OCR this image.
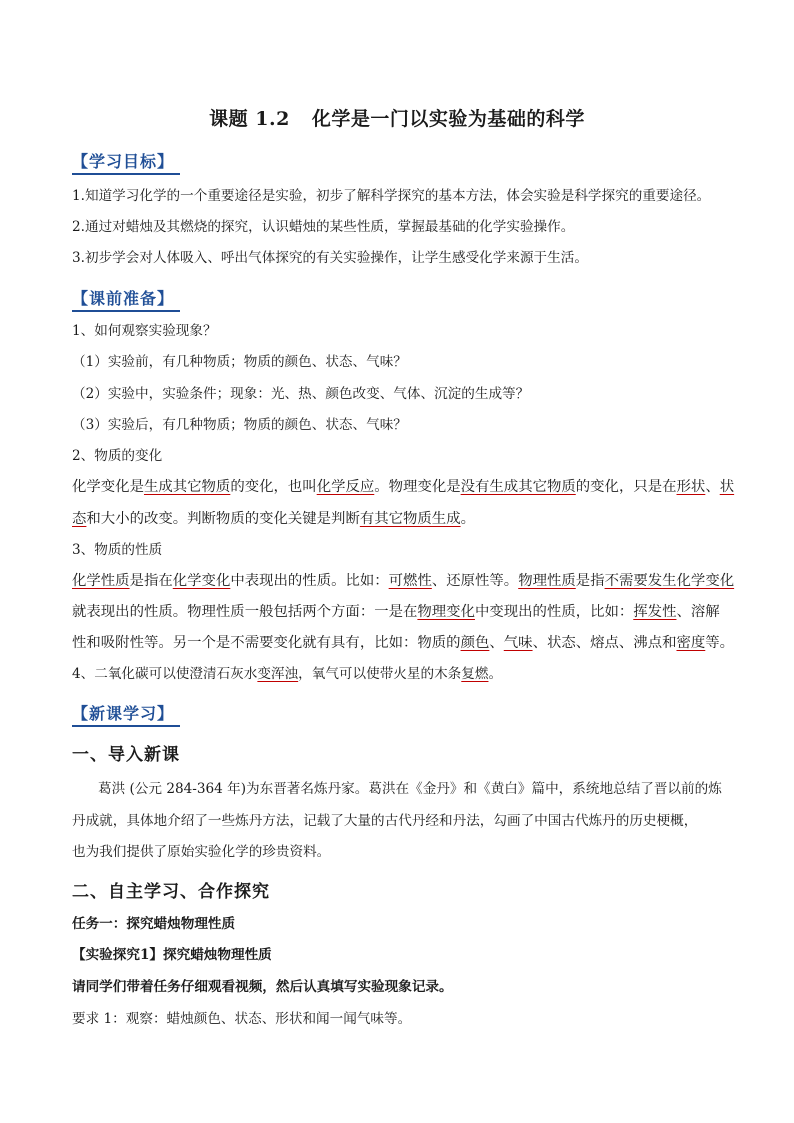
课题 1.2 化学是一门以实验为基础的科学
【学习目标】
1.知道学习化学的一个重要途径是实验，初步了解科学探究的基本方法，体会实验是科学探究的重要途径。
2.通过对蜡烛及其燃烧的探究，认识蜡烛的某些性质，掌握最基础的化学实验操作。
3.初步学会对人体吸入、呼出气体探究的有关实验操作，让学生感受化学来源于生活。
【课前准备】
1、如何观察实验现象？
（1）实验前，有几种物质；物质的颜色、状态、气味？
（2）实验中，实验条件；现象：光、热、颜色改变、气体、沉淀的生成等？
（3）实验后，有几种物质；物质的颜色、状态、气味？
2、物质的变化
化学变化是生成其它物质的变化，也叫化学反应。物理变化是没有生成其它物质的变化，只是在形状、状
态和大小的改变。判断物质的变化关键是判断有其它物质生成。
3、物质的性质
化学性质是指在化学变化中表现出的性质。比如：可燃性、还原性等。物理性质是指不需要发生化学变化
就表现出的性质。物理性质一般包括两个方面：一是在物理变化中变现出的性质，比如：挥发性、溶解
性和吸附性等。另一个是不需要变化就有具有，比如：物质的颜色、气味、状态、熔点、沸点和密度等。
4、二氧化碳可以使澄清石灰水变浑浊，氧气可以使带火星的木条复燃。
【新课学习】
一、导入新课
葛洪 (公元 284-364 年)为东晋著名炼丹家。葛洪在《金丹》和《黄白》篇中，系统地总结了晋以前的炼
丹成就，具体地介绍了一些炼丹方法，记载了大量的古代丹经和丹法，勾画了中国古代炼丹的历史梗概，
也为我们提供了原始实验化学的珍贵资料。
二、自主学习、合作探究
任务一：探究蜡烛物理性质
【实验探究1】探究蜡烛物理性质
请同学们带着任务仔细观看视频，然后认真填写实验现象记录。
要求 1：观察：蜡烛颜色、状态、形状和闻一闻气味等。
